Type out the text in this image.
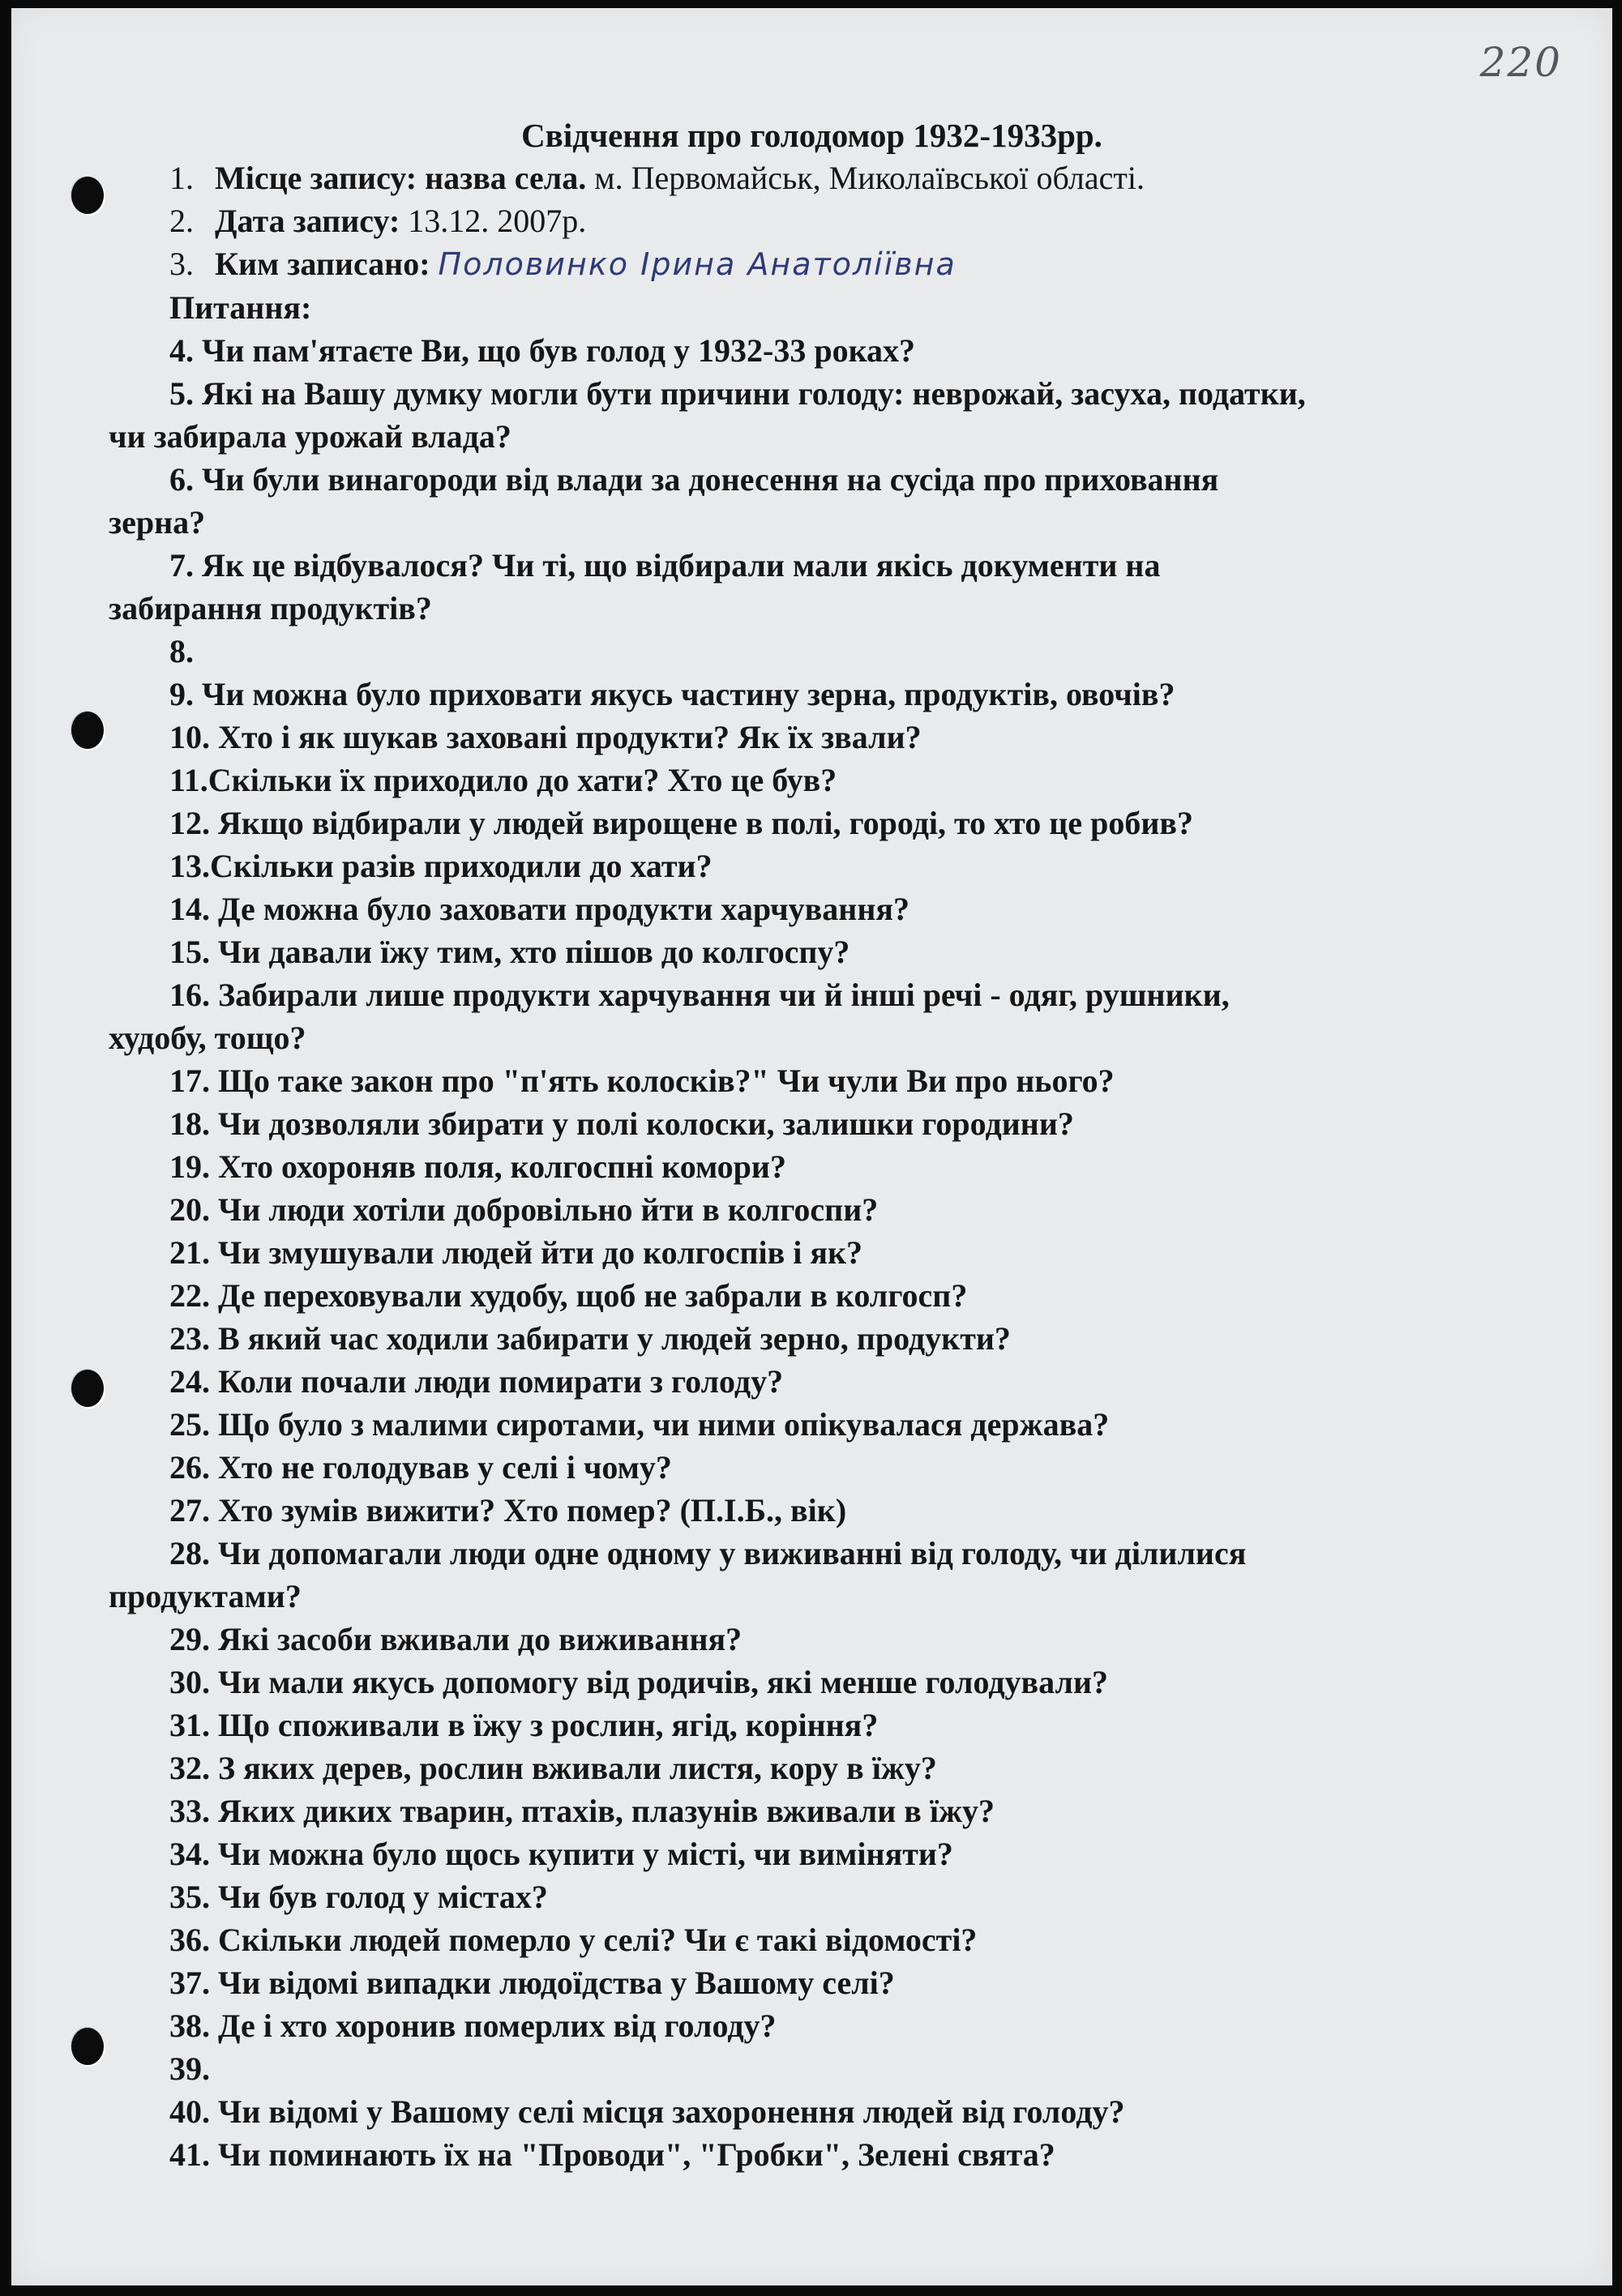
220
Свідчення про голодомор 1932-1933рр.
1. Місце запису: назва села. м. Первомайськ, Миколаївської області.
2. Дата запису: 13.12. 2007р.
3. Ким записано: Половинко Ірина Анатоліївна
Питання:
4. Чи пам'ятаєте Ви, що був голод у 1932-33 роках?
5. Які на Вашу думку могли бути причини голоду: неврожай, засуха, податки,
чи забирала урожай влада?
6. Чи були винагороди від влади за донесення на сусіда про приховання
зерна?
7. Як це відбувалося? Чи ті, що відбирали мали якісь документи на
забирання продуктів?
8.
9. Чи можна було приховати якусь частину зерна, продуктів, овочів?
10. Хто і як шукав заховані продукти? Як їх звали?
11.Скільки їх приходило до хати? Хто це був?
12. Якщо відбирали у людей вирощене в полі, городі, то хто це робив?
13.Скільки разів приходили до хати?
14. Де можна було заховати продукти харчування?
15. Чи давали їжу тим, хто пішов до колгоспу?
16. Забирали лише продукти харчування чи й інші речі - одяг, рушники,
худобу, тощо?
17. Що таке закон про "п'ять колосків?" Чи чули Ви про нього?
18. Чи дозволяли збирати у полі колоски, залишки городини?
19. Хто охороняв поля, колгоспні комори?
20. Чи люди хотіли добровільно йти в колгоспи?
21. Чи змушували людей йти до колгоспів і як?
22. Де переховували худобу, щоб не забрали в колгосп?
23. В який час ходили забирати у людей зерно, продукти?
24. Коли почали люди помирати з голоду?
25. Що було з малими сиротами, чи ними опікувалася держава?
26. Хто не голодував у селі і чому?
27. Хто зумів вижити? Хто помер? (П.І.Б., вік)
28. Чи допомагали люди одне одному у виживанні від голоду, чи ділилися
продуктами?
29. Які засоби вживали до виживання?
30. Чи мали якусь допомогу від родичів, які менше голодували?
31. Що споживали в їжу з рослин, ягід, коріння?
32. З яких дерев, рослин вживали листя, кору в їжу?
33. Яких диких тварин, птахів, плазунів вживали в їжу?
34. Чи можна було щось купити у місті, чи виміняти?
35. Чи був голод у містах?
36. Скільки людей померло у селі? Чи є такі відомості?
37. Чи відомі випадки людоїдства у Вашому селі?
38. Де і хто хоронив померлих від голоду?
39.
40. Чи відомі у Вашому селі місця захоронення людей від голоду?
41. Чи поминають їх на "Проводи", "Гробки", Зелені свята?
